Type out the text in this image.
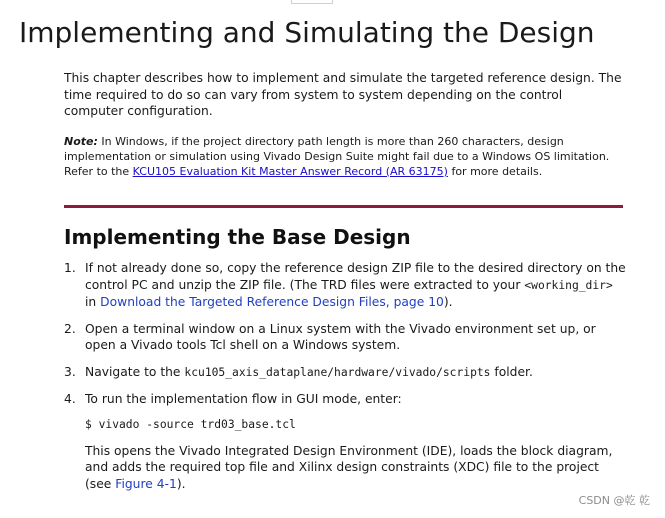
Implementing and Simulating the Design

This chapter describes how to implement and simulate the targeted reference design. The time required to do so can vary from system to system depending on the control computer configuration.

Note: In Windows, if the project directory path length is more than 260 characters, design implementation or simulation using Vivado Design Suite might fail due to a Windows OS limitation. Refer to the KCU105 Evaluation Kit Master Answer Record (AR 63175) for more details.

Implementing the Base Design
1. If not already done so, copy the reference design ZIP file to the desired directory on the control PC and unzip the ZIP file. (The TRD files were extracted to your <working_dir> in Download the Targeted Reference Design Files, page 10).
2. Open a terminal window on a Linux system with the Vivado environment set up, or open a Vivado tools Tcl shell on a Windows system.
3. Navigate to the kcu105_axis_dataplane/hardware/vivado/scripts folder.
4. To run the implementation flow in GUI mode, enter:
$ vivado -source trd03_base.tcl
This opens the Vivado Integrated Design Environment (IDE), loads the block diagram, and adds the required top file and Xilinx design constraints (XDC) file to the project (see Figure 4-1).
CSDN @乾 乾
